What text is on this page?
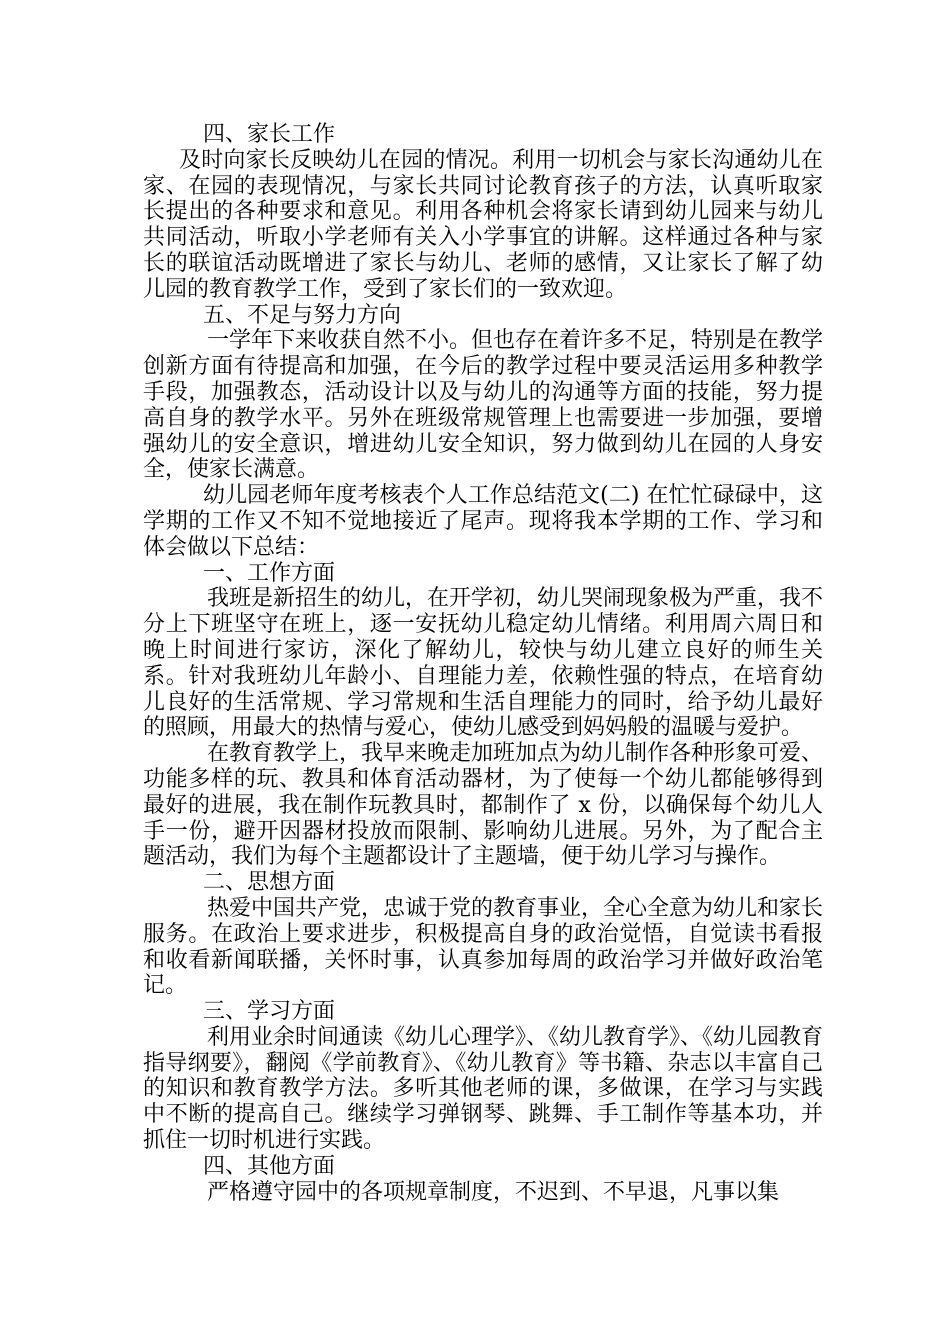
四、家长工作

及时向家长反映幼儿在园的情况。利用一切机会与家长沟通幼儿在家、在园的表现情况，与家长共同讨论教育孩子的方法，认真听取家长提出的各种要求和意见。利用各种机会将家长请到幼儿园来与幼儿共同活动，听取小学老师有关入小学事宜的讲解。这样通过各种与家长的联谊活动既增进了家长与幼儿、老师的感情，又让家长了解了幼儿园的教育教学工作，受到了家长们的一致欢迎。

五、不足与努力方向

一学年下来收获自然不小。但也存在着许多不足，特别是在教学创新方面有待提高和加强，在今后的教学过程中要灵活运用多种教学手段，加强教态，活动设计以及与幼儿的沟通等方面的技能，努力提高自身的教学水平。另外在班级常规管理上也需要进一步加强，要增强幼儿的安全意识，增进幼儿安全知识，努力做到幼儿在园的人身安全，使家长满意。

幼儿园老师年度考核表个人工作总结范文(二) 在忙忙碌碌中，这学期的工作又不知不觉地接近了尾声。现将我本学期的工作、学习和体会做以下总结：

一、工作方面

我班是新招生的幼儿，在开学初，幼儿哭闹现象极为严重，我不分上下班坚守在班上，逐一安抚幼儿稳定幼儿情绪。利用周六周日和晚上时间进行家访，深化了解幼儿，较快与幼儿建立良好的师生关系。针对我班幼儿年龄小、自理能力差，依赖性强的特点，在培育幼儿良好的生活常规、学习常规和生活自理能力的同时，给予幼儿最好的照顾，用最大的热情与爱心，使幼儿感受到妈妈般的温暖与爱护。

在教育教学上，我早来晚走加班加点为幼儿制作各种形象可爱、功能多样的玩、教具和体育活动器材，为了使每一个幼儿都能够得到最好的进展，我在制作玩教具时，都制作了 x 份，以确保每个幼儿人手一份，避开因器材投放而限制、影响幼儿进展。另外，为了配合主题活动，我们为每个主题都设计了主题墙，便于幼儿学习与操作。

二、思想方面

热爱中国共产党，忠诚于党的教育事业，全心全意为幼儿和家长服务。在政治上要求进步，积极提高自身的政治觉悟，自觉读书看报和收看新闻联播，关怀时事，认真参加每周的政治学习并做好政治笔记。

三、学习方面

利用业余时间通读《幼儿心理学》、《幼儿教育学》、《幼儿园教育指导纲要》，翻阅《学前教育》、《幼儿教育》等书籍、杂志以丰富自己的知识和教育教学方法。多听其他老师的课，多做课，在学习与实践中不断的提高自己。继续学习弹钢琴、跳舞、手工制作等基本功，并抓住一切时机进行实践。

四、其他方面

严格遵守园中的各项规章制度，不迟到、不早退，凡事以集
